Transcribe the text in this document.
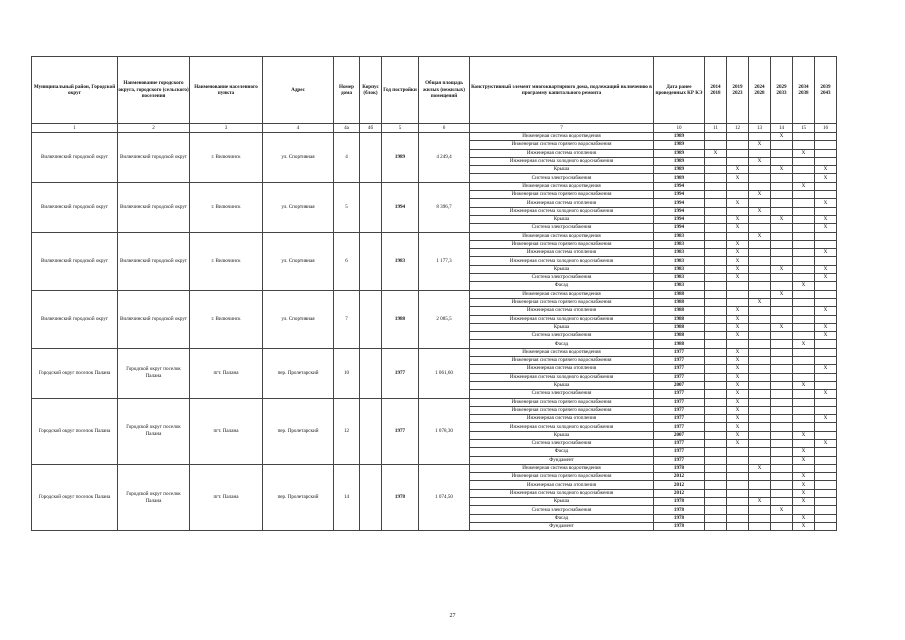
Муниципальный район, Городской округ	Наименование городского округа, городского (сельского) поселения	Наименование населенного пункта	Адрес	Номер дома	Корпус (блок)	Год постройки	Общая площадь жилых (нежилых) помещений	Конструктивный элемент многоквартирного дома, подлежащий включению в программу капитального ремонта	Дата ранее проведенных КР КЭ	2014 2018	2019 2023	2024 2028	2029 2033	2034 2038	2039 2043
1	2	3	4	4а	4б	5	6	7	10	11	12	13	14	15	16
Вилючинский городской округ	Вилючинский городской округ	г. Вилючинск	ул. Спортивная	4		1989	4 249,4	Инженерная система водоотведения	1989				X		
								Инженерная система горячего водоснабжения	1989			X			
								Инженерная система отопления	1989	X				X	
								Инженерная система холодного водоснабжения	1989			X			
								Крыша	1989		X		X		X
								Система электроснабжения	1989		X				X
Вилючинский городской округ	Вилючинский городской округ	г. Вилючинск	ул. Спортивная	5		1994	8 396,7	Инженерная система водоотведения	1994					X	
								Инженерная система горячего водоснабжения	1994			X			
								Инженерная система отопления	1994		X				X
								Инженерная система холодного водоснабжения	1994			X			
								Крыша	1994		X		X		X
								Система электроснабжения	1994		X				X
Вилючинский городской округ	Вилючинский городской округ	г. Вилючинск	ул. Спортивная	6		1983	1 177,3	Инженерная система водоотведения	1983			X			
								Инженерная система горячего водоснабжения	1983		X				
								Инженерная система отопления	1983		X				X
								Инженерная система холодного водоснабжения	1983		X				
								Крыша	1983		X		X		X
								Система электроснабжения	1983		X				X
								Фасад	1983					X	
Вилючинский городской округ	Вилючинский городской округ	г. Вилючинск	ул. Спортивная	7		1988	2 085,5	Инженерная система водоотведения	1988				X		
								Инженерная система горячего водоснабжения	1988			X			
								Инженерная система отопления	1988		X				X
								Инженерная система холодного водоснабжения	1988		X				
								Крыша	1988		X		X		X
								Система электроснабжения	1988		X				X
								Фасад	1988					X	
Городской округ поселок Палана	Городской округ поселок Палана	пгт. Палана	пер. Пролетарский	10		1977	1 061,60	Инженерная система водоотведения	1977		X				
								Инженерная система горячего водоснабжения	1977		X				
								Инженерная система отопления	1977		X				X
								Инженерная система холодного водоснабжения	1977		X				
								Крыша	2007		X			X	
								Система электроснабжения	1977		X				X
Городской округ поселок Палана	Городской округ поселок Палана	пгт. Палана	пер. Пролетарский	12		1977	1 078,30	Инженерная система горячего водоснабжения	1977		X				
								Инженерная система горячего водоснабжения	1977		X				
								Инженерная система отопления	1977		X				X
								Инженерная система холодного водоснабжения	1977		X				
								Крыша	2007		X			X	
								Система электроснабжения	1977		X				X
								Фасад	1977					X	
								Фундамент	1977					X	
Городской округ поселок Палана	Городской округ поселок Палана	пгт. Палана	пер. Пролетарский	14		1978	1 074,50	Инженерная система водоотведения	1978			X			
								Инженерная система горячего водоснабжения	2012					X	
								Инженерная система отопления	2012					X	
								Инженерная система холодного водоснабжения	2012					X	
								Крыша	1978			X		X	
								Система электроснабжения	1978				X		
								Фасад	1978					X	
								Фундамент	1978					X	
27
